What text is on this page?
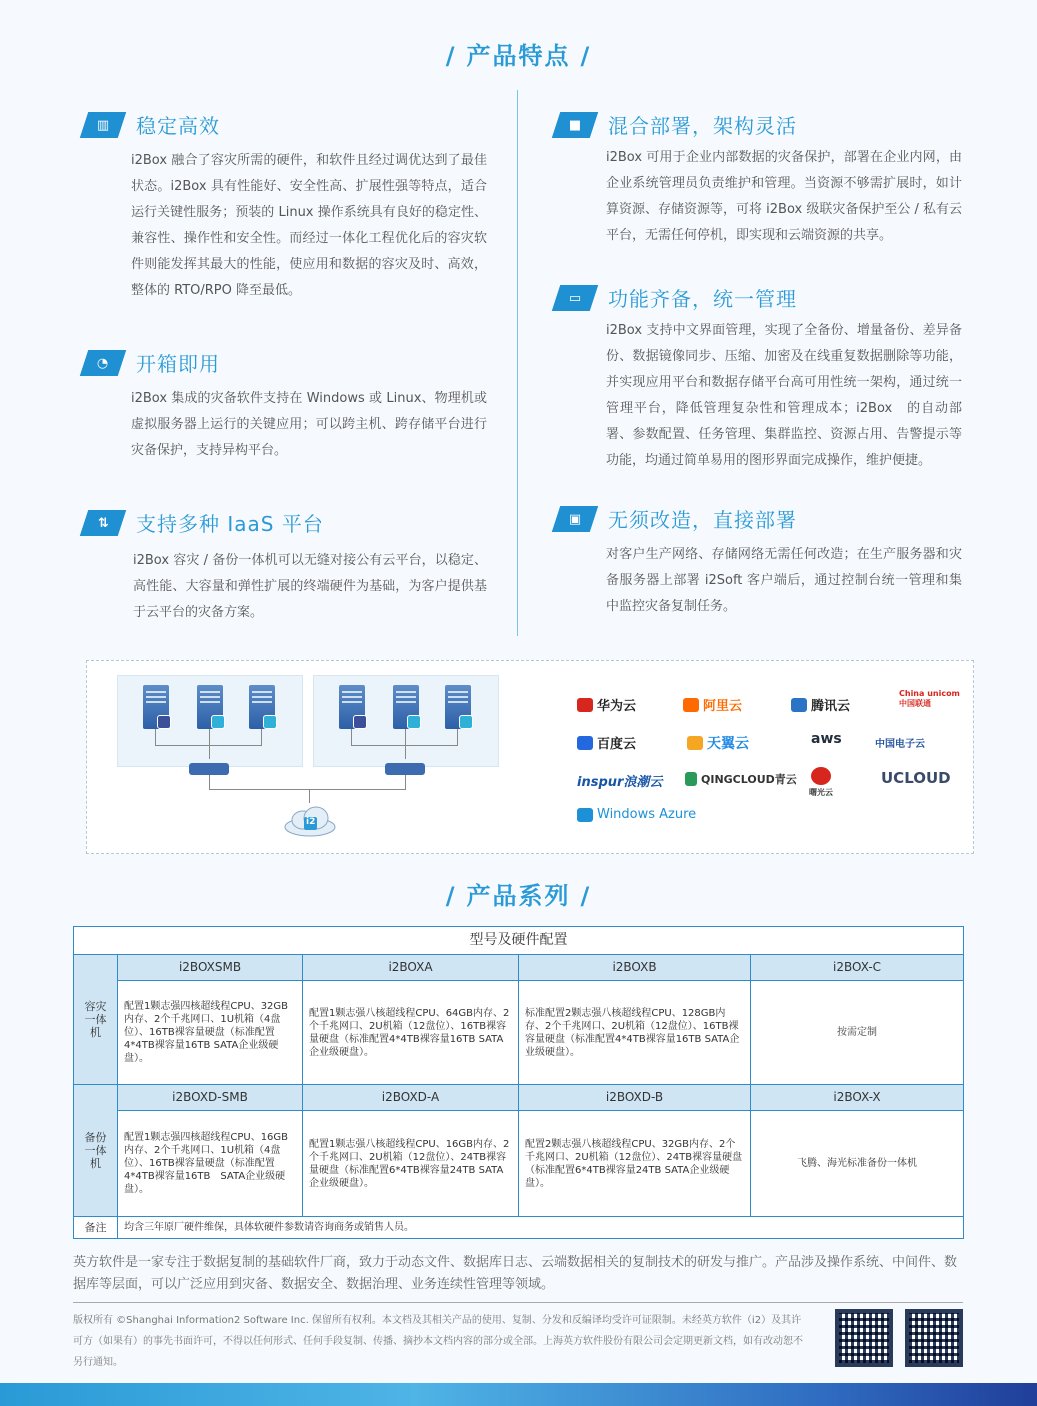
/ 产品特点 /
▥ 稳定高效
i2Box 融合了容灾所需的硬件，和软件且经过调优达到了最佳状态。i2Box 具有性能好、安全性高、扩展性强等特点，适合运行关键性服务；预装的 Linux 操作系统具有良好的稳定性、兼容性、操作性和安全性。而经过一体化工程优化后的容灾软件则能发挥其最大的性能，使应用和数据的容灾及时、高效，整体的 RTO/RPO 降至最低。
◔ 开箱即用
i2Box 集成的灾备软件支持在 Windows 或 Linux、物理机或虚拟服务器上运行的关键应用；可以跨主机、跨存储平台进行灾备保护，支持异构平台。
⇅ 支持多种 IaaS 平台
i2Box 容灾 / 备份一体机可以无缝对接公有云平台，以稳定、高性能、大容量和弹性扩展的终端硬件为基础，为客户提供基于云平台的灾备方案。
■ 混合部署，架构灵活
i2Box 可用于企业内部数据的灾备保护，部署在企业内网，由企业系统管理员负责维护和管理。当资源不够需扩展时，如计算资源、存储资源等，可将 i2Box 级联灾备保护至公 / 私有云平台，无需任何停机，即实现和云端资源的共享。
▭ 功能齐备，统一管理
i2Box 支持中文界面管理，实现了全备份、增量备份、差异备份、数据镜像同步、压缩、加密及在线重复数据删除等功能，并实现应用平台和数据存储平台高可用性统一架构，通过统一管理平台，降低管理复杂性和管理成本；i2Box　的自动部署、参数配置、任务管理、集群监控、资源占用、告警提示等功能，均通过简单易用的图形界面完成操作，维护便捷。
▣ 无须改造，直接部署
对客户生产网络、存储网络无需任何改造；在生产服务器和灾备服务器上部署 i2Soft 客户端后，通过控制台统一管理和集中监控灾备复制任务。
i2
华为云	阿里云	腾讯云
China unicom中国联通
百度云	天翼云	aws	中国电子云
inspur浪潮云	QINGCLOUD青云
曙光云
UCLOUD
Windows Azure
/ 产品系列 /
型号及硬件配置				
容灾
一体机	i2BOXSMB	i2BOXA	i2BOXB	i2BOX-C
	配置1颗志强四核超线程CPU、32GB内存、2个千兆网口、1U机箱（4盘位）、16TB裸容量硬盘（标准配置4*4TB裸容量16TB SATA企业级硬盘）。	配置1颗志强八核超线程CPU、64GB内存、2个千兆网口、2U机箱（12盘位）、16TB裸容量硬盘（标准配置4*4TB裸容量16TB SATA企业级硬盘）。	标准配置2颗志强八核超线程CPU、128GB内存、2个千兆网口、2U机箱（12盘位）、16TB裸容量硬盘（标准配置4*4TB裸容量16TB SATA企业级硬盘）。	按需定制
备份
一体机	i2BOXD-SMB	i2BOXD-A	i2BOXD-B	i2BOX-X
	配置1颗志强四核超线程CPU、16GB内存、2个千兆网口、1U机箱（4盘位）、16TB裸容量硬盘（标准配置4*4TB裸容量16TB　SATA企业级硬盘）。	配置1颗志强八核超线程CPU、16GB内存、2个千兆网口、2U机箱（12盘位）、24TB裸容量硬盘（标准配置6*4TB裸容量24TB SATA企业级硬盘）。	配置2颗志强八核超线程CPU、32GB内存、2个千兆网口、2U机箱（12盘位）、24TB裸容量硬盘（标准配置6*4TB裸容量24TB SATA企业级硬盘）。	飞腾、海光标准备份一体机
备注	均含三年原厂硬件维保，具体软硬件参数请咨询商务或销售人员。			
英方软件是一家专注于数据复制的基础软件厂商，致力于动态文件、数据库日志、云端数据相关的复制技术的研发与推广。产品涉及操作系统、中间件、数据库等层面，可以广泛应用到灾备、数据安全、数据治理、业务连续性管理等领域。
版权所有 ©Shanghai Information2 Software Inc. 保留所有权利。本文档及其相关产品的使用、复制、分发和反编译均受许可证限制。未经英方软件（i2）及其许可方（如果有）的事先书面许可，不得以任何形式、任何手段复制、传播、摘抄本文档内容的部分或全部。上海英方软件股份有限公司会定期更新文档，如有改动恕不另行通知。
